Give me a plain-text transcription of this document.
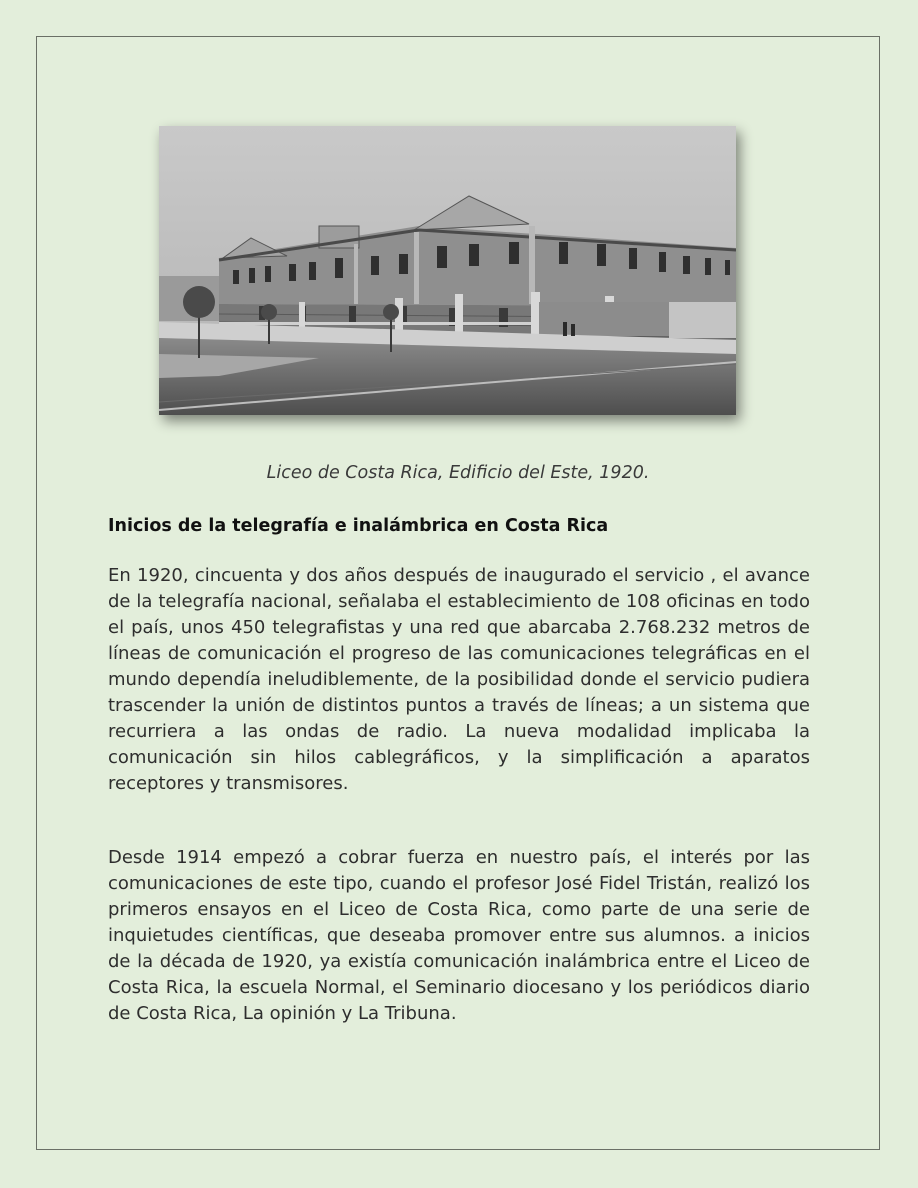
Liceo de Costa Rica, Edificio del Este, 1920.
Inicios de la telegrafía e inalámbrica en Costa Rica

En 1920, cincuenta y dos años después de inaugurado el servicio , el avance de la telegrafía nacional, señalaba el establecimiento de 108 oficinas en todo el país, unos 450 telegrafistas y una red que abarcaba 2.768.232 metros de líneas de comunicación el progreso de las comunicaciones telegráficas en el mundo dependía ineludiblemente, de la posibilidad donde el servicio pudiera trascender la unión de distintos puntos a través de líneas; a un sistema que recurriera a las ondas de radio. La nueva modalidad implicaba la comunicación sin hilos cablegráficos, y la simplificación a aparatos receptores y transmisores.

Desde 1914 empezó a cobrar fuerza en nuestro país, el interés por las comunicaciones de este tipo, cuando el profesor José Fidel Tristán, realizó los primeros ensayos en el Liceo de Costa Rica, como parte de una serie de inquietudes científicas, que deseaba promover entre sus alumnos. a inicios de la década de 1920, ya existía comunicación inalámbrica entre el Liceo de Costa Rica, la escuela Normal, el Seminario diocesano y los periódicos diario de Costa Rica, La opinión y La Tribuna.
